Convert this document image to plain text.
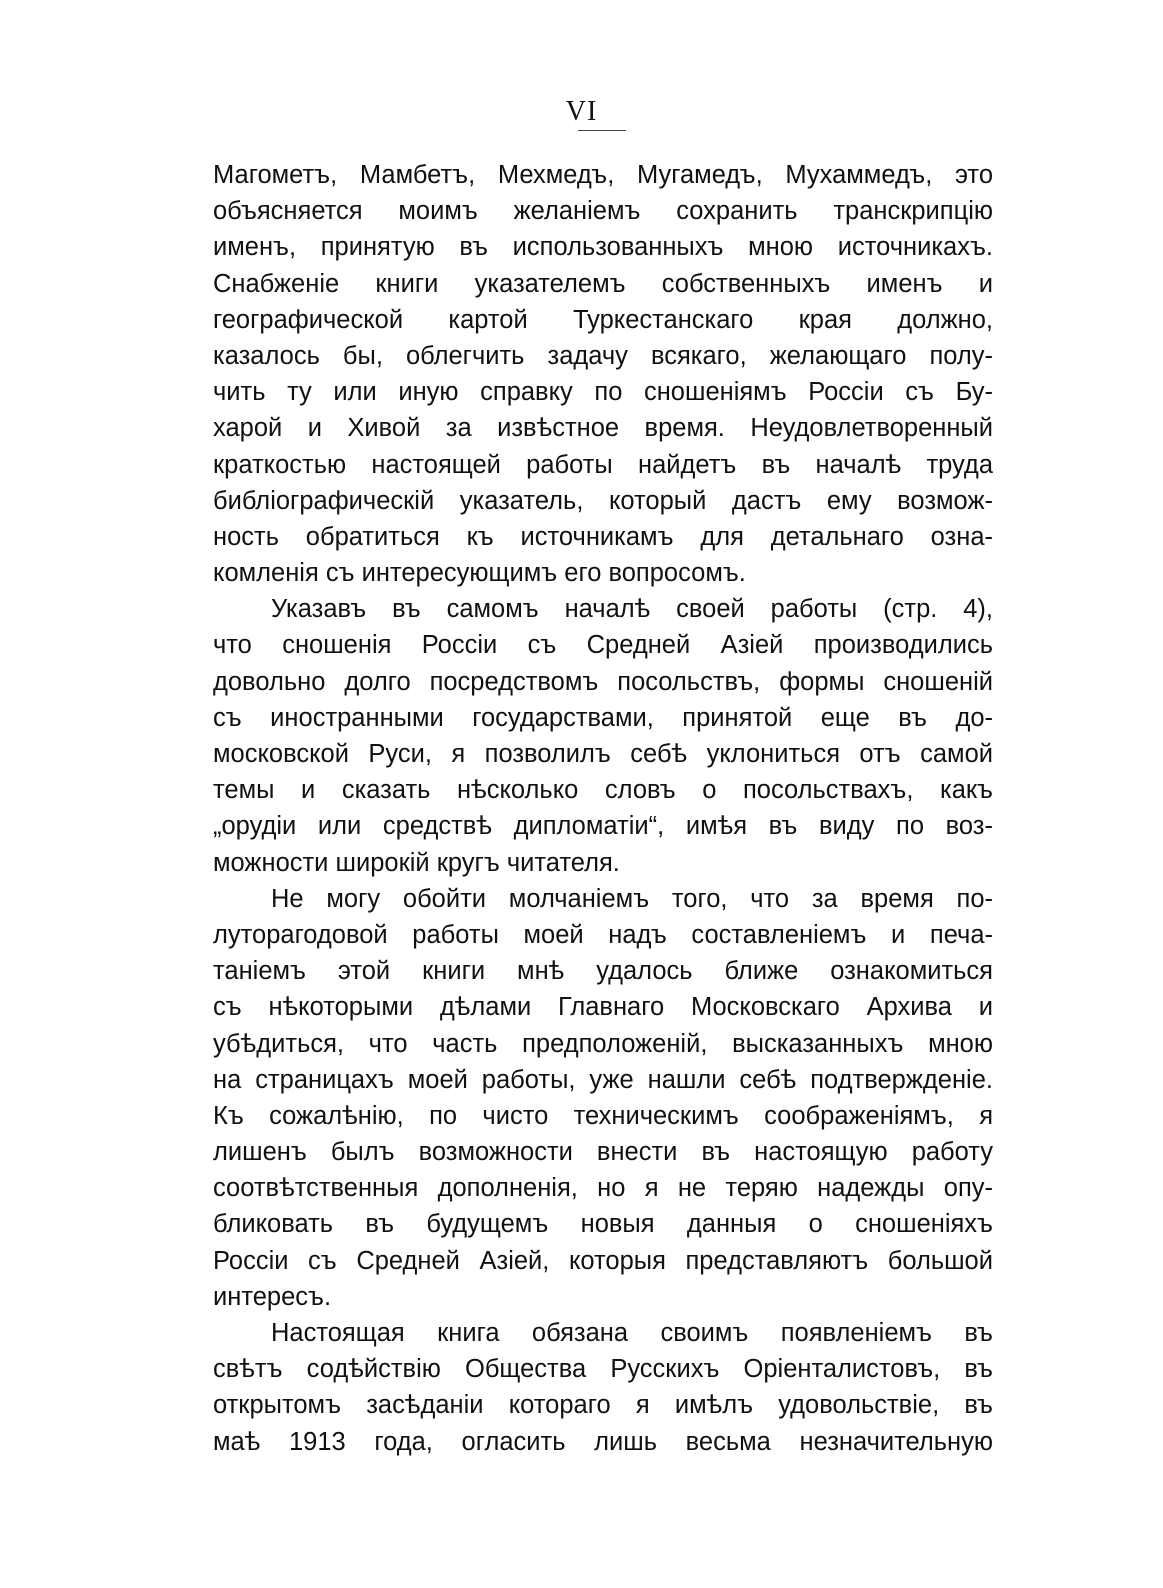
VI
Магометъ, Мамбетъ, Мехмедъ, Мугамедъ, Мухаммедъ, это
объясняется моимъ желаніемъ сохранить транскрипцію
именъ, принятую въ использованныхъ мною источникахъ.
Снабженіе книги указателемъ собственныхъ именъ и
географической картой Туркестанскаго края должно,
казалось бы, облегчить задачу всякаго, желающаго полу-
чить ту или иную справку по сношеніямъ Россіи съ Бу-
харой и Хивой за извѣстное время. Неудовлетворенный
краткостью настоящей работы найдетъ въ началѣ труда
библіографическій указатель, который дастъ ему возмож-
ность обратиться къ источникамъ для детальнаго озна-
комленія съ интересующимъ его вопросомъ.
Указавъ въ самомъ началѣ своей работы (стр. 4),
что сношенія Россіи съ Средней Азіей производились
довольно долго посредствомъ посольствъ, формы сношеній
съ иностранными государствами, принятой еще въ до-
московской Руси, я позволилъ себѣ уклониться отъ самой
темы и сказать нѣсколько словъ о посольствахъ, какъ
„орудіи или средствѣ дипломатіи“, имѣя въ виду по воз-
можности широкій кругъ читателя.
Не могу обойти молчаніемъ того, что за время по-
луторагодовой работы моей надъ составленіемъ и печа-
таніемъ этой книги мнѣ удалось ближе ознакомиться
съ нѣкоторыми дѣлами Главнаго Московскаго Архива и
убѣдиться, что часть предположеній, высказанныхъ мною
на страницахъ моей работы, уже нашли себѣ подтвержденіе.
Къ сожалѣнію, по чисто техническимъ соображеніямъ, я
лишенъ былъ возможности внести въ настоящую работу
соотвѣтственныя дополненія, но я не теряю надежды опу-
бликовать въ будущемъ новыя данныя о сношеніяхъ
Россіи съ Средней Азіей, которыя представляютъ большой
интересъ.
Настоящая книга обязана своимъ появленіемъ въ
свѣтъ содѣйствію Общества Русскихъ Оріенталистовъ, въ
открытомъ засѣданіи котораго я имѣлъ удовольствіе, въ
маѣ 1913 года, огласить лишь весьма незначительную
